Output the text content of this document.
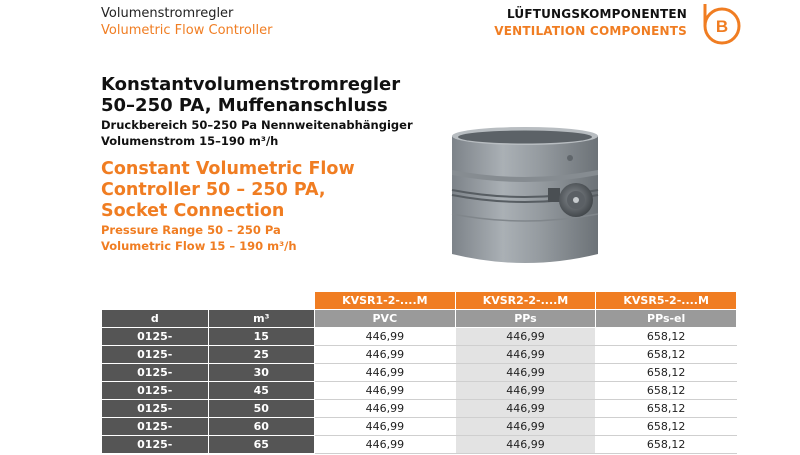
Volumenstromregler
Volumetric Flow Controller
LÜFTUNGSKOMPONENTEN
VENTILATION COMPONENTS B
Konstantvolumenstromregler
50–250 PA, Muffenanschluss
Druckbereich 50–250 Pa Nennweitenabhängiger
Volumenstrom 15–190 m³/h
Constant Volumetric Flow
Controller 50 – 250 PA,
Socket Connection
Pressure Range 50 – 250 Pa
Volumetric Flow 15 – 190 m³/h
		KVSR1-2-....M	KVSR2-2-....M	KVSR5-2-....M
d	m³	PVC	PPs	PPs-el
0125-	15	446,99	446,99	658,12
0125-	25	446,99	446,99	658,12
0125-	30	446,99	446,99	658,12
0125-	45	446,99	446,99	658,12
0125-	50	446,99	446,99	658,12
0125-	60	446,99	446,99	658,12
0125-	65	446,99	446,99	658,12
